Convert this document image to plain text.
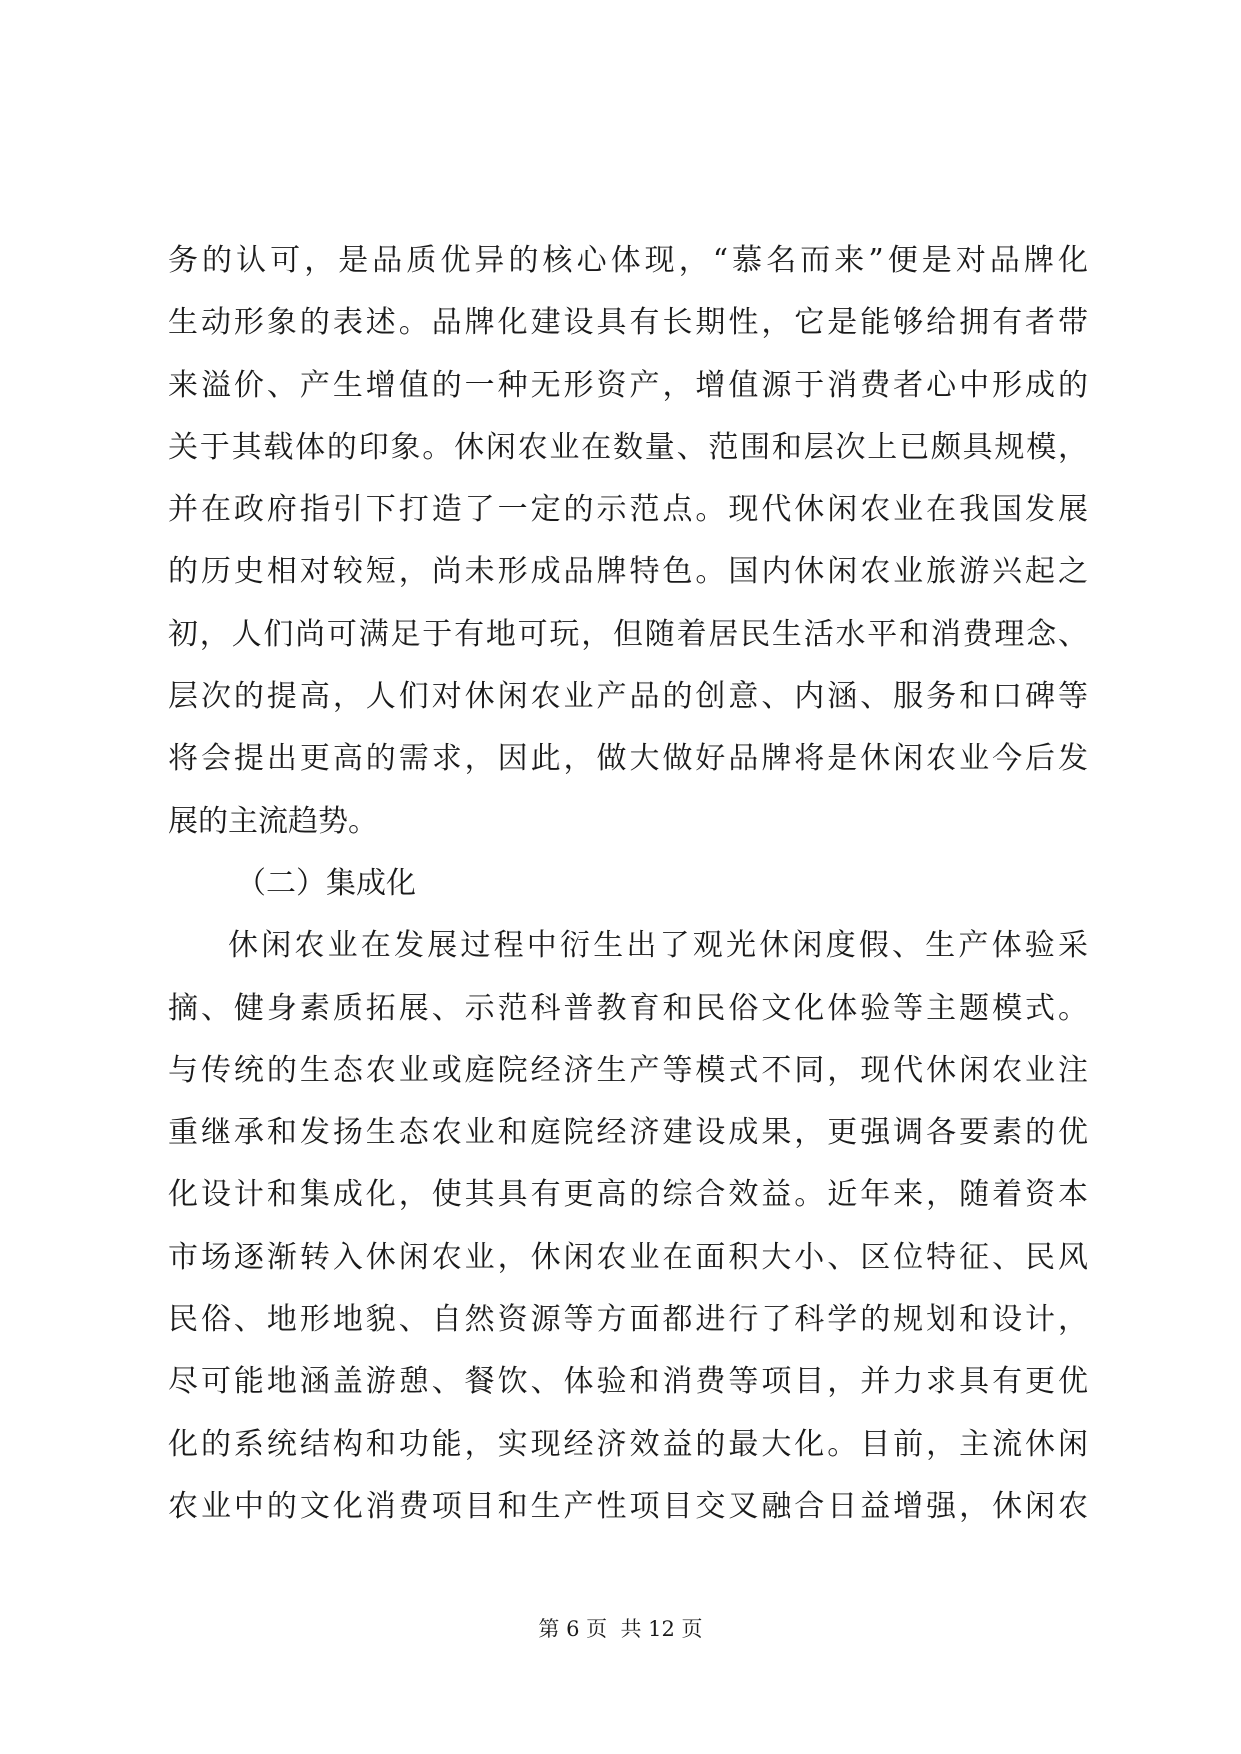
务的认可，是品质优异的核心体现，“慕名而来”便是对品牌化
生动形象的表述。品牌化建设具有长期性，它是能够给拥有者带
来溢价、产生增值的一种无形资产，增值源于消费者心中形成的
关于其载体的印象。休闲农业在数量、范围和层次上已颇具规模，
并在政府指引下打造了一定的示范点。现代休闲农业在我国发展
的历史相对较短，尚未形成品牌特色。国内休闲农业旅游兴起之
初，人们尚可满足于有地可玩，但随着居民生活水平和消费理念、
层次的提高，人们对休闲农业产品的创意、内涵、服务和口碑等
将会提出更高的需求，因此，做大做好品牌将是休闲农业今后发
展的主流趋势。
（二）集成化
休闲农业在发展过程中衍生出了观光休闲度假、生产体验采
摘、健身素质拓展、示范科普教育和民俗文化体验等主题模式。
与传统的生态农业或庭院经济生产等模式不同，现代休闲农业注
重继承和发扬生态农业和庭院经济建设成果，更强调各要素的优
化设计和集成化，使其具有更高的综合效益。近年来，随着资本
市场逐渐转入休闲农业，休闲农业在面积大小、区位特征、民风
民俗、地形地貌、自然资源等方面都进行了科学的规划和设计，
尽可能地涵盖游憩、餐饮、体验和消费等项目，并力求具有更优
化的系统结构和功能，实现经济效益的最大化。目前，主流休闲
农业中的文化消费项目和生产性项目交叉融合日益增强，休闲农
第 6 页  共 12 页
